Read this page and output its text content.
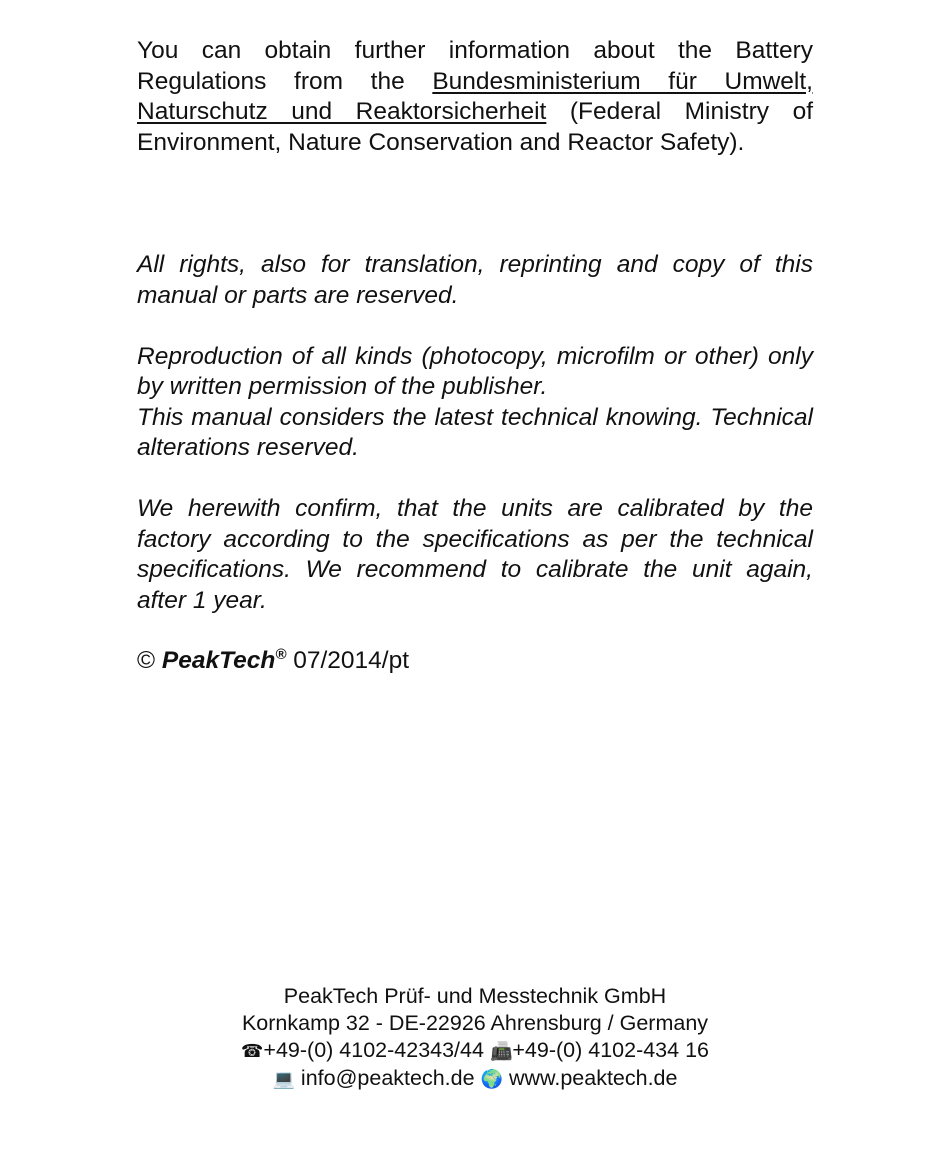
You can obtain further information about the Battery Regulations from the Bundesministerium für Umwelt, Naturschutz und Reaktorsicherheit (Federal Ministry of Environment, Nature Conservation and Reactor Safety).

All rights, also for translation, reprinting and copy of this manual or parts are reserved.

Reproduction of all kinds (photocopy, microfilm or other) only by written permission of the publisher.

This manual considers the latest technical knowing. Technical alterations reserved.

We herewith confirm, that the units are calibrated by the factory according to the specifications as per the technical specifications. We recommend to calibrate the unit again, after 1 year.

© PeakTech® 07/2014/pt

PeakTech Prüf- und Messtechnik GmbH
Kornkamp 32 - DE-22926 Ahrensburg / Germany
☎+49-(0) 4102-42343/44 📠+49-(0) 4102-434 16
💻 info@peaktech.de 🌍 www.peaktech.de
